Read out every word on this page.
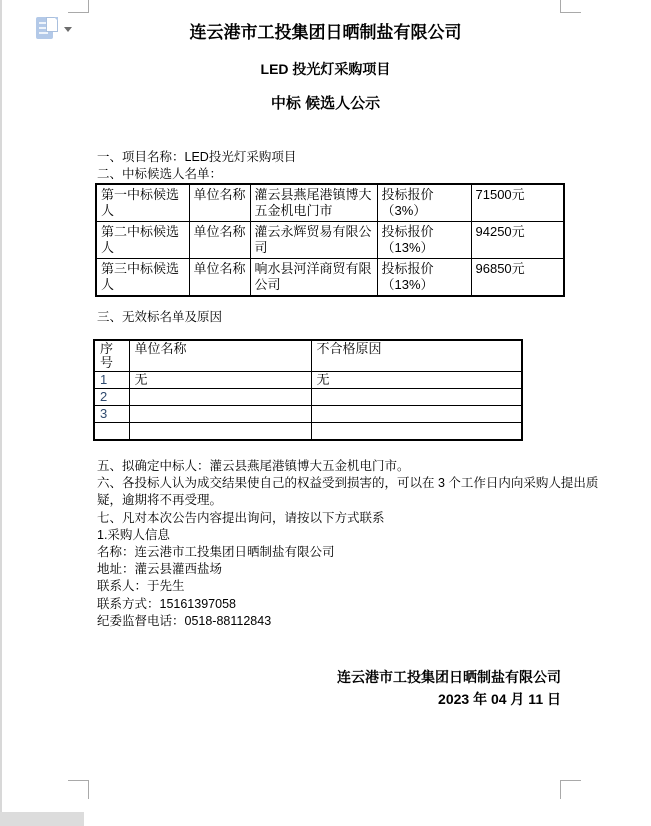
连云港市工投集团日晒制盐有限公司
LED 投光灯采购项目
中标 候选人公示
一、项目名称：LED投光灯采购项目
二、中标候选人名单：
第一中标候选人	单位名称	灌云县燕尾港镇博大五金机电门市	投标报价（3%）	71500元
第二中标候选人	单位名称	灌云永辉贸易有限公司	投标报价（13%）	94250元
第三中标候选人	单位名称	响水县河洋商贸有限公司	投标报价（13%）	96850元
三、无效标名单及原因
序号	单位名称	不合格原因
1	无	无
2		
3		

五、拟确定中标人：灌云县燕尾港镇博大五金机电门市。
六、各投标人认为成交结果使自己的权益受到损害的，可以在 3 个工作日内向采购人提出质
疑，逾期将不再受理。
七、凡对本次公告内容提出询问，请按以下方式联系
1.采购人信息
名称：连云港市工投集团日晒制盐有限公司
地址：灌云县灌西盐场
联系人：于先生
联系方式：15161397058
纪委监督电话：0518-88112843
连云港市工投集团日晒制盐有限公司
2023 年 04 月 11 日
